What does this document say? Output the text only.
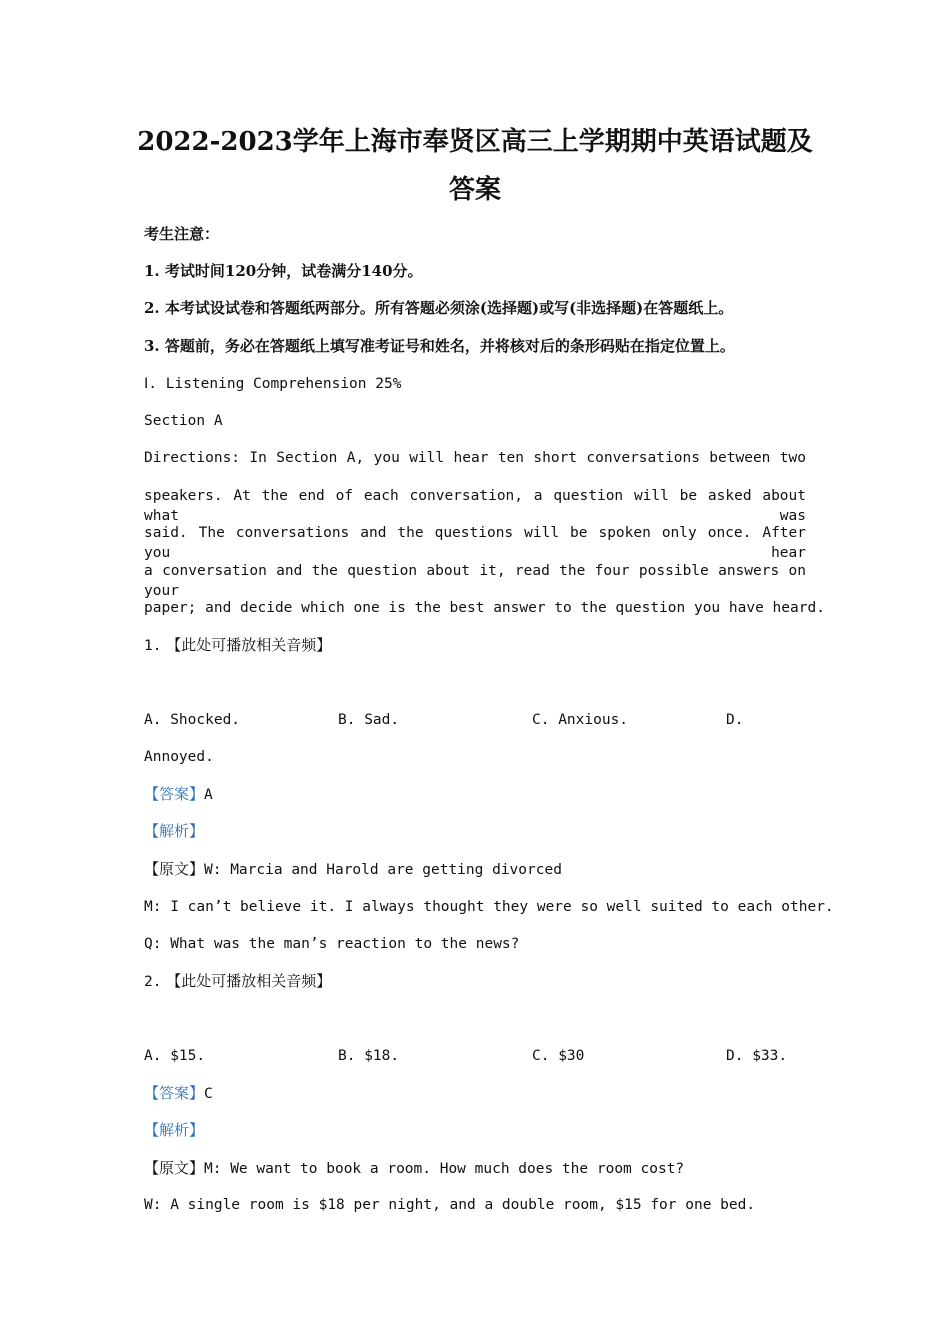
2022-2023学年上海市奉贤区高三上学期期中英语试题及答案
考生注意：
1. 考试时间120分钟，试卷满分140分。
2. 本考试设试卷和答题纸两部分。所有答题必须涂(选择题)或写(非选择题)在答题纸上。
3. 答题前，务必在答题纸上填写准考证号和姓名，并将核对后的条形码贴在指定位置上。
Ⅰ. Listening Comprehension 25%
Section A
Directions: In Section A, you will hear ten short conversations between two
speakers. At the end of each conversation, a question will be asked about what was
said. The conversations and the questions will be spoken only once. After you hear
a conversation and the question about it, read the four possible answers on your
paper; and decide which one is the best answer to the question you have heard.
1. 【此处可播放相关音频】
A. Shocked.	B. Sad.	C. Anxious.	D.
Annoyed.
【答案】A
【解析】
【原文】W: Marcia and Harold are getting divorced
M: I can’t believe it. I always thought they were so well suited to each other.
Q: What was the man’s reaction to the news?
2. 【此处可播放相关音频】
A. $15.	B. $18.	C. $30	D. $33.
【答案】C
【解析】
【原文】M: We want to book a room. How much does the room cost?
W: A single room is $18 per night, and a double room, $15 for one bed.
